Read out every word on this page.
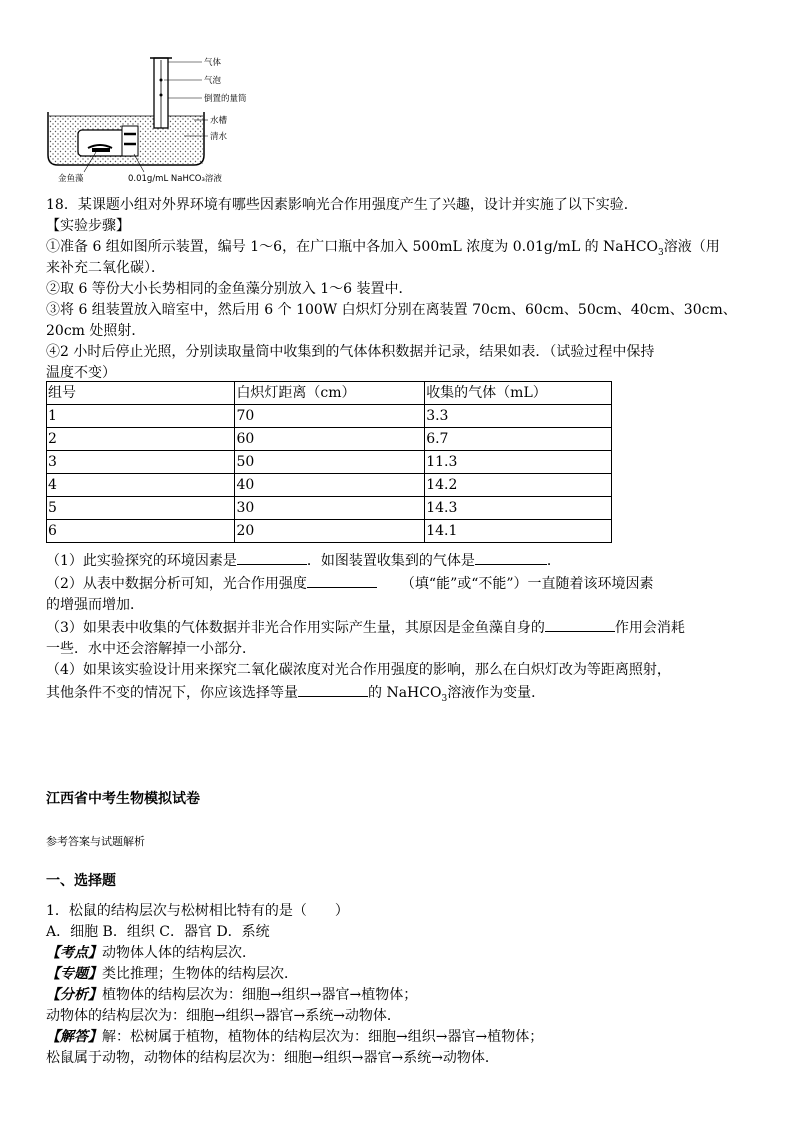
气体
气泡
倒置的量筒
水槽
清水
金鱼藻	0.01g/mL NaHCO₃溶液
18．某课题小组对外界环境有哪些因素影响光合作用强度产生了兴趣，设计并实施了以下实验．
【实验步骤】
①准备 6 组如图所示装置，编号 1～6，在广口瓶中各加入 500mL 浓度为 0.01g/mL 的 NaHCO$_3$溶液（用
来补充二氧化碳）．
②取 6 等份大小长势相同的金鱼藻分别放入 1～6 装置中．
③将 6 组装置放入暗室中，然后用 6 个 100W 白炽灯分别在离装置 70cm、60cm、50cm、40cm、30cm、
20cm 处照射．
④2 小时后停止光照，分别读取量筒中收集到的气体体积数据并记录，结果如表．（试验过程中保持
温度不变）
组号	白炽灯距离（cm）	收集的气体（mL）
1	70	3.3
2	60	6.7
3	50	11.3
4	40	14.2
5	30	14.3
6	20	14.1
（1）此实验探究的环境因素是	．如图装置收集到的气体是	．
（2）从表中数据分析可知，光合作用强度	（填“能”或“不能”）一直随着该环境因素
的增强而增加．
（3）如果表中收集的气体数据并非光合作用实际产生量，其原因是金鱼藻自身的	作用会消耗
一些．水中还会溶解掉一小部分．
（4）如果该实验设计用来探究二氧化碳浓度对光合作用强度的影响，那么在白炽灯改为等距离照射，
其他条件不变的情况下，你应该选择等量	的 NaHCO$_3$溶液作为变量．
江西省中考生物模拟试卷
参考答案与试题解析
一、选择题
1．松鼠的结构层次与松树相比特有的是（　　）
A．细胞 B．组织 C．器官 D．系统
【考点】动物体人体的结构层次．
【专题】类比推理；生物体的结构层次．
【分析】植物体的结构层次为：细胞→组织→器官→植物体；
动物体的结构层次为：细胞→组织→器官→系统→动物体．
【解答】解：松树属于植物，植物体的结构层次为：细胞→组织→器官→植物体；
松鼠属于动物，动物体的结构层次为：细胞→组织→器官→系统→动物体．
